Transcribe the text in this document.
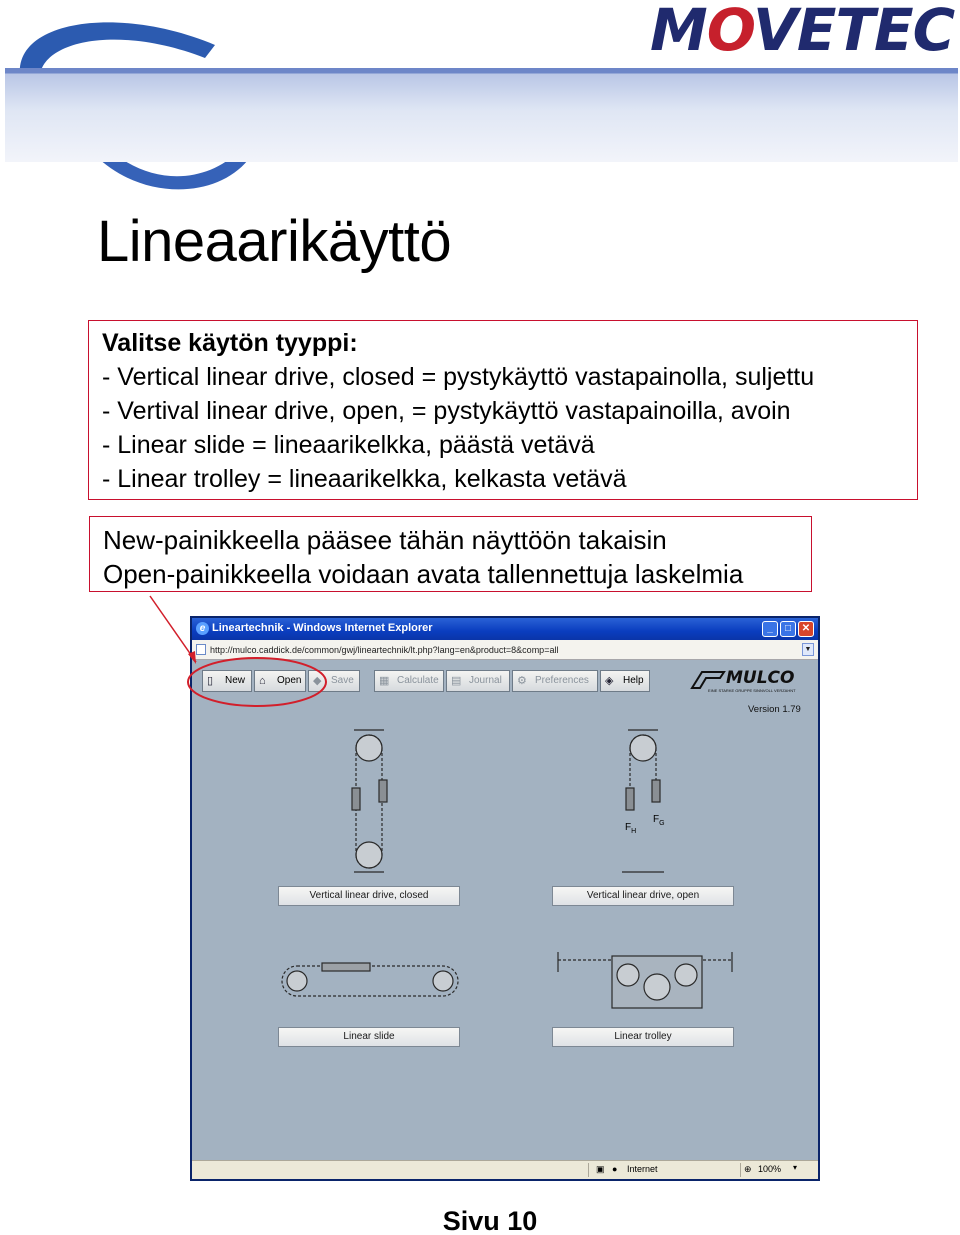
MOVETEC
Lineaarikäyttö
Valitse käytön tyyppi:
- Vertical linear drive, closed = pystykäyttö vastapainolla, suljettu
- Vertival linear drive, open, = pystykäyttö vastapainoilla, avoin
- Linear slide = lineaarikelkka, päästä vetävä
- Linear trolley = lineaarikelkka, kelkasta vetävä
New-painikkeella pääsee tähän näyttöön takaisin
Open-painikkeella voidaan avata tallennettuja laskelmia
e Lineartechnik - Windows Internet Explorer	_	□	✕
http://mulco.caddick.de/common/gwj/lineartechnik/lt.php?lang=en&product=8&comp=all	▼
▯ New	⌂ Open	◆ Save	▦ Calculate	▤ Journal	⚙ Preferences	◈ Help	MULCO
EINE STARKE GRUPPE SINNVOLL VERZAHNT
Version 1.79
$F_H$
$F_G$
Vertical linear drive, closed	Vertical linear drive, open
Linear slide	Linear trolley
▣ ● Internet	⊕ 100% ▾
Sivu 10
